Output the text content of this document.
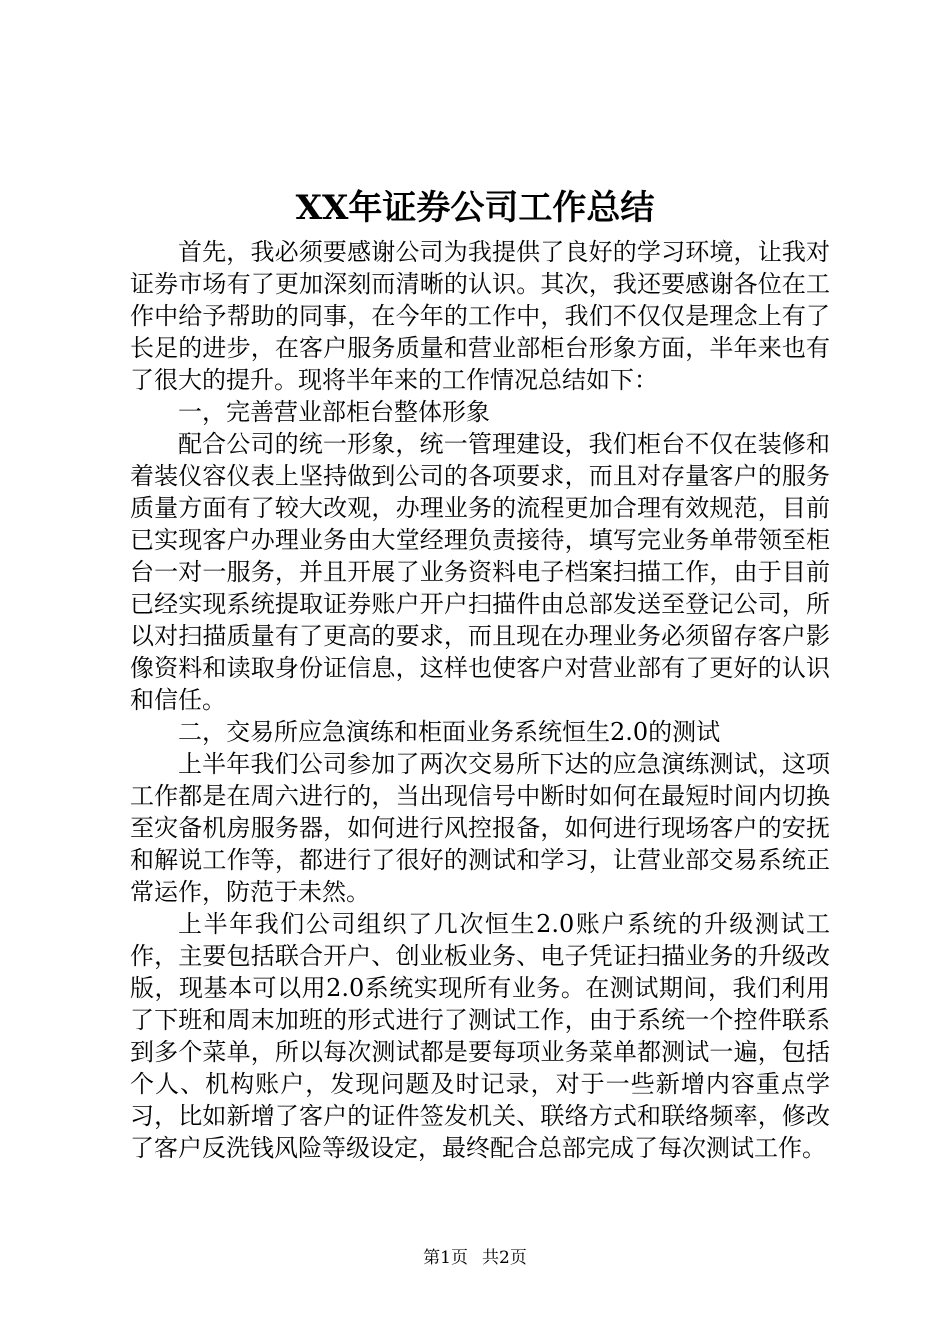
XX年证券公司工作总结

首先，我必须要感谢公司为我提供了良好的学习环境，让我对证券市场有了更加深刻而清晰的认识。其次，我还要感谢各位在工作中给予帮助的同事，在今年的工作中，我们不仅仅是理念上有了长足的进步，在客户服务质量和营业部柜台形象方面，半年来也有了很大的提升。现将半年来的工作情况总结如下：

一，完善营业部柜台整体形象

配合公司的统一形象，统一管理建设，我们柜台不仅在装修和着装仪容仪表上坚持做到公司的各项要求，而且对存量客户的服务质量方面有了较大改观，办理业务的流程更加合理有效规范，目前已实现客户办理业务由大堂经理负责接待，填写完业务单带领至柜台一对一服务，并且开展了业务资料电子档案扫描工作，由于目前已经实现系统提取证券账户开户扫描件由总部发送至登记公司，所以对扫描质量有了更高的要求，而且现在办理业务必须留存客户影像资料和读取身份证信息，这样也使客户对营业部有了更好的认识和信任。

二，交易所应急演练和柜面业务系统恒生2.0的测试

上半年我们公司参加了两次交易所下达的应急演练测试，这项工作都是在周六进行的，当出现信号中断时如何在最短时间内切换至灾备机房服务器，如何进行风控报备，如何进行现场客户的安抚和解说工作等，都进行了很好的测试和学习，让营业部交易系统正常运作，防范于未然。

上半年我们公司组织了几次恒生2.0账户系统的升级测试工作，主要包括联合开户、创业板业务、电子凭证扫描业务的升级改版，现基本可以用2.0系统实现所有业务。在测试期间，我们利用了下班和周末加班的形式进行了测试工作，由于系统一个控件联系到多个菜单，所以每次测试都是要每项业务菜单都测试一遍，包括个人、机构账户，发现问题及时记录，对于一些新增内容重点学习，比如新增了客户的证件签发机关、联络方式和联络频率，修改了客户反洗钱风险等级设定，最终配合总部完成了每次测试工作。

第1页 共2页
